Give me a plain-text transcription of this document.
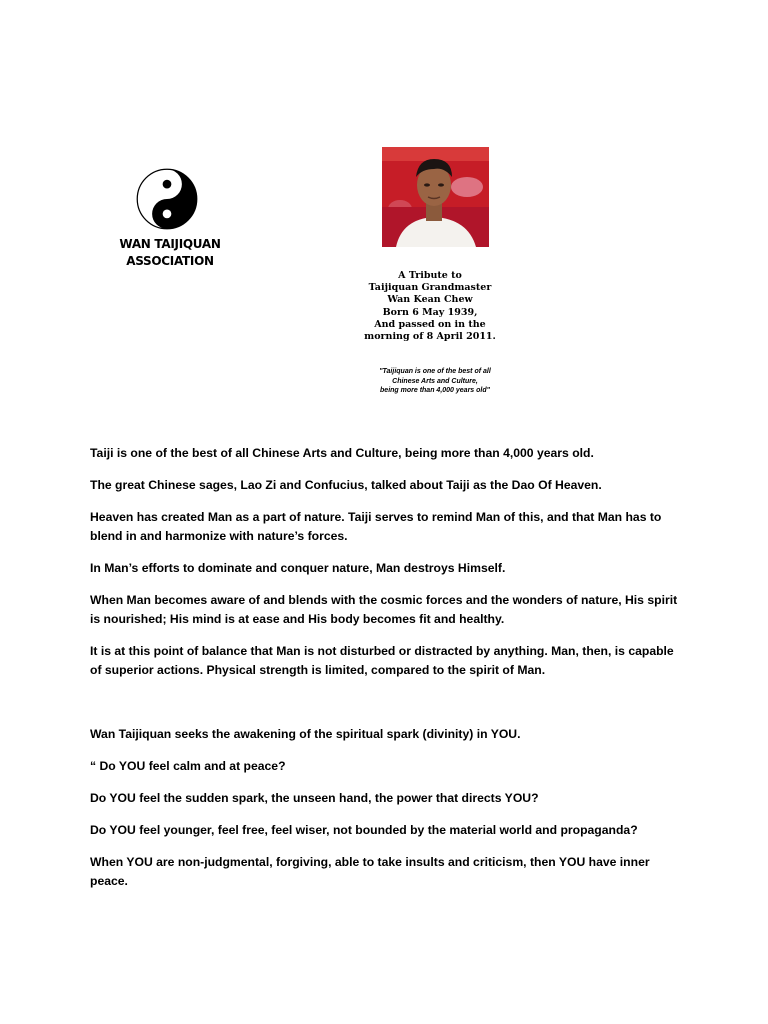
WAN TAIJIQUAN
ASSOCIATION
A Tribute to
Taijiquan Grandmaster
Wan Kean Chew
Born 6 May 1939,
And passed on in the
morning of 8 April 2011.
"Taijiquan is one of the best of all
Chinese Arts and Culture,
being more than 4,000 years old"

Taiji is one of the best of all Chinese Arts and Culture, being more than 4,000 years old.

The great Chinese sages, Lao Zi and Confucius, talked about Taiji as the Dao Of Heaven.

Heaven has created Man as a part of nature. Taiji serves to remind Man of this, and that Man has to
blend in and harmonize with nature’s forces.

In Man’s efforts to dominate and conquer nature, Man destroys Himself.

When Man becomes aware of and blends with the cosmic forces and the wonders of nature, His spirit
is nourished; His mind is at ease and His body becomes fit and healthy.

It is at this point of balance that Man is not disturbed or distracted by anything. Man, then, is capable
of superior actions. Physical strength is limited, compared to the spirit of Man.

Wan Taijiquan seeks the awakening of the spiritual spark (divinity) in YOU.

“ Do YOU feel calm and at peace?

Do YOU feel the sudden spark, the unseen hand, the power that directs YOU?

Do YOU feel younger, feel free, feel wiser, not bounded by the material world and propaganda?

When YOU are non-judgmental, forgiving, able to take insults and criticism, then YOU have inner
peace.
